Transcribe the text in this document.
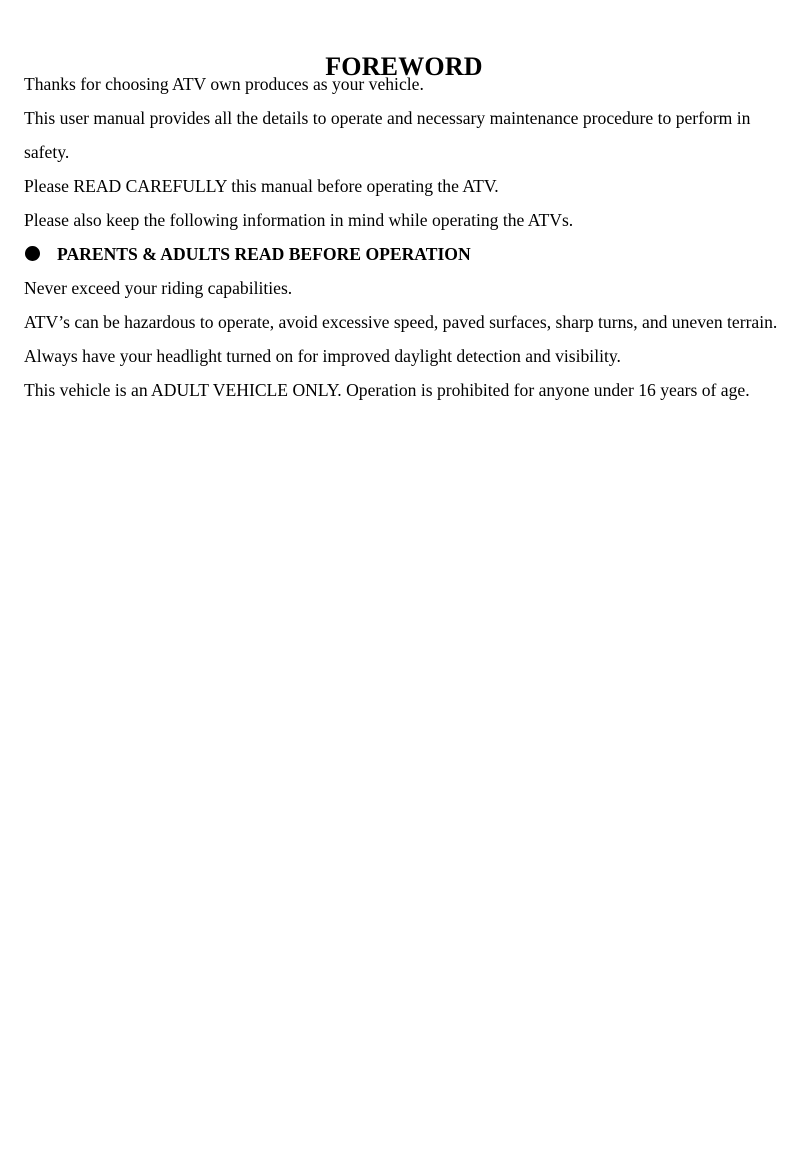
FOREWORD

Thanks for choosing ATV own produces as your vehicle.

This user manual provides all the details to operate and necessary maintenance procedure to perform in safety.

Please READ CAREFULLY this manual before operating the ATV.

Please also keep the following information in mind while operating the ATVs.

PARENTS & ADULTS READ BEFORE OPERATION

Never exceed your riding capabilities.

ATV’s can be hazardous to operate, avoid excessive speed, paved surfaces, sharp turns, and uneven terrain.

Always have your headlight turned on for improved daylight detection and visibility.

This vehicle is an ADULT VEHICLE ONLY. Operation is prohibited for anyone under 16 years of age.
